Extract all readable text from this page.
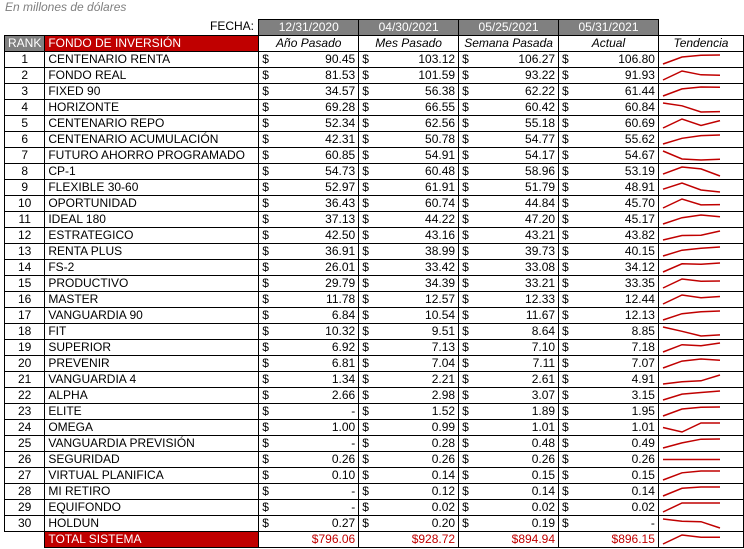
En millones de dólares
FECHA:
		12/31/2020		04/30/2021		05/25/2021		05/31/2021		
RANK	FONDO DE INVERSIÓN	Año Pasado		Mes Pasado		Semana Pasada		Actual		Tendencia
1	CENTENARIO RENTA	$	90.45	$	103.12	$	106.27	$	106.80	

2	FONDO REAL	$	81.53	$	101.59	$	93.22	$	91.93	

3	FIXED 90	$	34.57	$	56.38	$	62.22	$	61.44	

4	HORIZONTE	$	69.28	$	66.55	$	60.42	$	60.84	

5	CENTENARIO REPO	$	52.34	$	62.56	$	55.18	$	60.69	

6	CENTENARIO ACUMULACIÓN	$	42.31	$	50.78	$	54.77	$	55.62	

7	FUTURO AHORRO PROGRAMADO	$	60.85	$	54.91	$	54.17	$	54.67	

8	CP-1	$	54.73	$	60.48	$	58.96	$	53.19	

9	FLEXIBLE 30-60	$	52.97	$	61.91	$	51.79	$	48.91	

10	OPORTUNIDAD	$	36.43	$	60.74	$	44.84	$	45.70	

11	IDEAL 180	$	37.13	$	44.22	$	47.20	$	45.17	

12	ESTRATEGICO	$	42.50	$	43.16	$	43.21	$	43.82	

13	RENTA PLUS	$	36.91	$	38.99	$	39.73	$	40.15	

14	FS-2	$	26.01	$	33.42	$	33.08	$	34.12	

15	PRODUCTIVO	$	29.79	$	34.39	$	33.21	$	33.35	

16	MASTER	$	11.78	$	12.57	$	12.33	$	12.44	

17	VANGUARDIA 90	$	6.84	$	10.54	$	11.67	$	12.13	

18	FIT	$	10.32	$	9.51	$	8.64	$	8.85	

19	SUPERIOR	$	6.92	$	7.13	$	7.10	$	7.18	

20	PREVENIR	$	6.81	$	7.04	$	7.11	$	7.07	

21	VANGUARDIA 4	$	1.34	$	2.21	$	2.61	$	4.91	

22	ALPHA	$	2.66	$	2.98	$	3.07	$	3.15	

23	ELITE	$	-	$	1.52	$	1.89	$	1.95	

24	OMEGA	$	1.00	$	0.99	$	1.01	$	1.01	

25	VANGUARDIA PREVISIÓN	$	-	$	0.28	$	0.48	$	0.49	

26	SEGURIDAD	$	0.26	$	0.26	$	0.26	$	0.26	

27	VIRTUAL PLANIFICA	$	0.10	$	0.14	$	0.15	$	0.15	

28	MI RETIRO	$	-	$	0.12	$	0.14	$	0.14	

29	EQUIFONDO	$	-	$	0.02	$	0.02	$	0.02	

30	HOLDUN	$	0.27	$	0.20	$	0.19	$	-	

	TOTAL SISTEMA	$796.06		$928.72		$894.94		$896.15	
